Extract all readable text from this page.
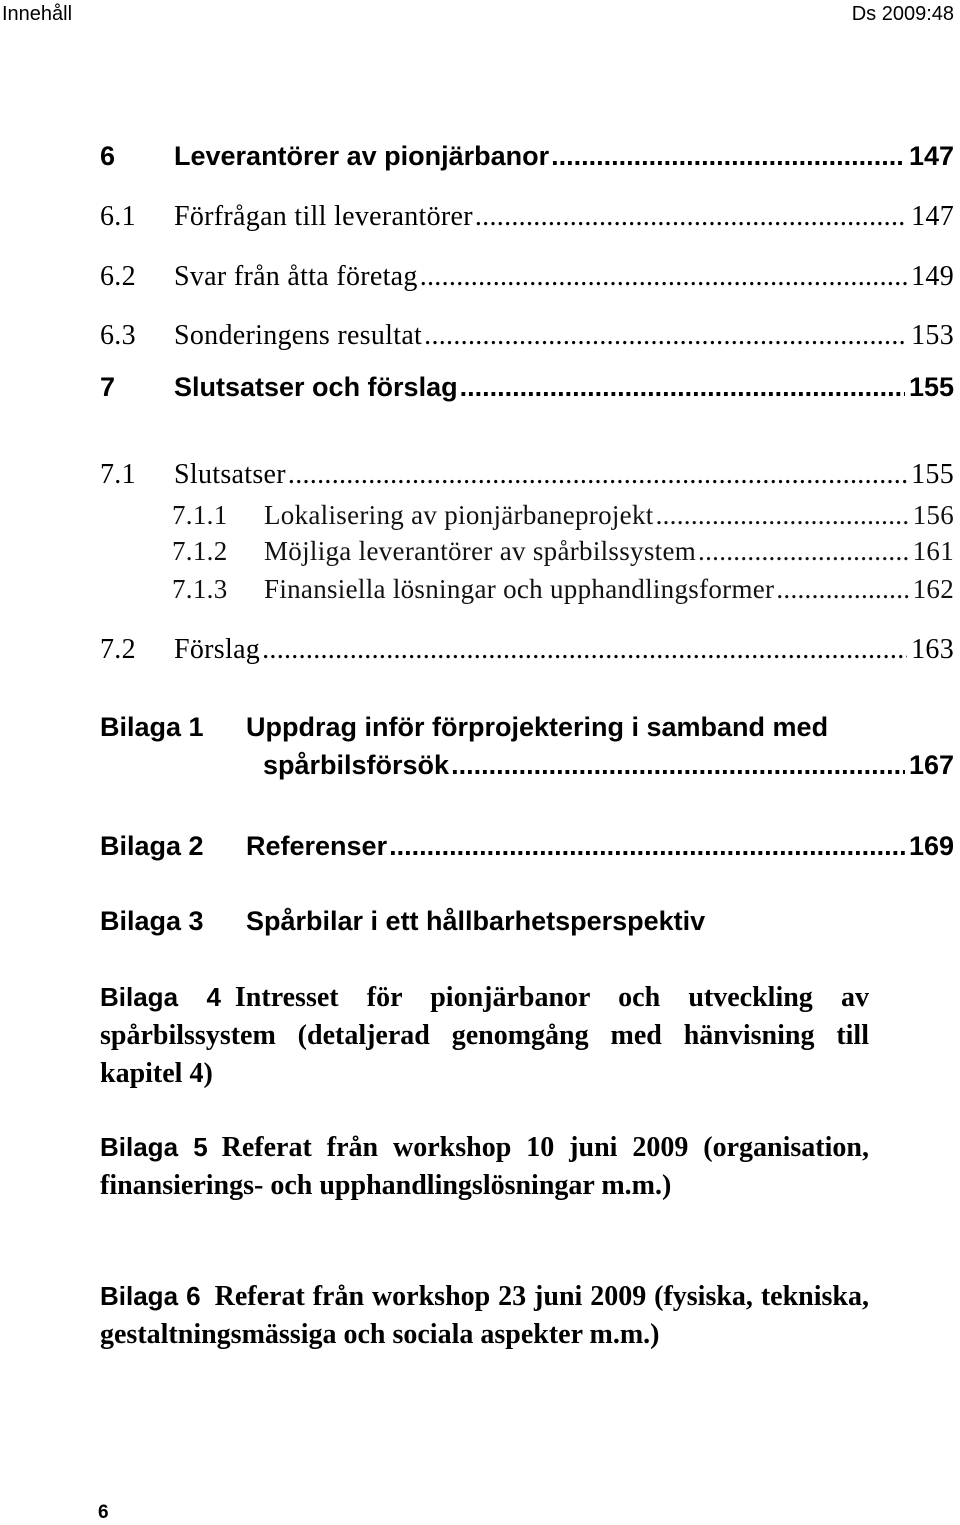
Innehåll	Ds 2009:48
6	Leverantörer av pionjärbanor .....	147
6.1	Förfrågan till leverantörer .....	147
6.2	Svar från åtta företag .....	149
6.3	Sonderingens resultat .....	153
7	Slutsatser och förslag .....	155
7.1	Slutsatser .....	155
7.1.1	Lokalisering av pionjärbaneprojekt .....	156
7.1.2	Möjliga leverantörer av spårbilssystem .....	161
7.1.3	Finansiella lösningar och upphandlingsformer .....	162
7.2	Förslag .....	163
Bilaga 1	Uppdrag inför förprojektering i samband med
spårbilsförsök .....	167
Bilaga 2	Referenser .....	169
Bilaga 3	Spårbilar i ett hållbarhetsperspektiv
Bilaga 4 Intresset för pionjärbanor och utveckling av spårbilssystem (detaljerad genomgång med hänvisning till kapitel 4)
Bilaga 5 Referat från workshop 10 juni 2009 (organisation, finansierings- och upphandlingslösningar m.m.)
Bilaga 6 Referat från workshop 23 juni 2009 (fysiska, tekniska, gestaltningsmässiga och sociala aspekter m.m.)
6
